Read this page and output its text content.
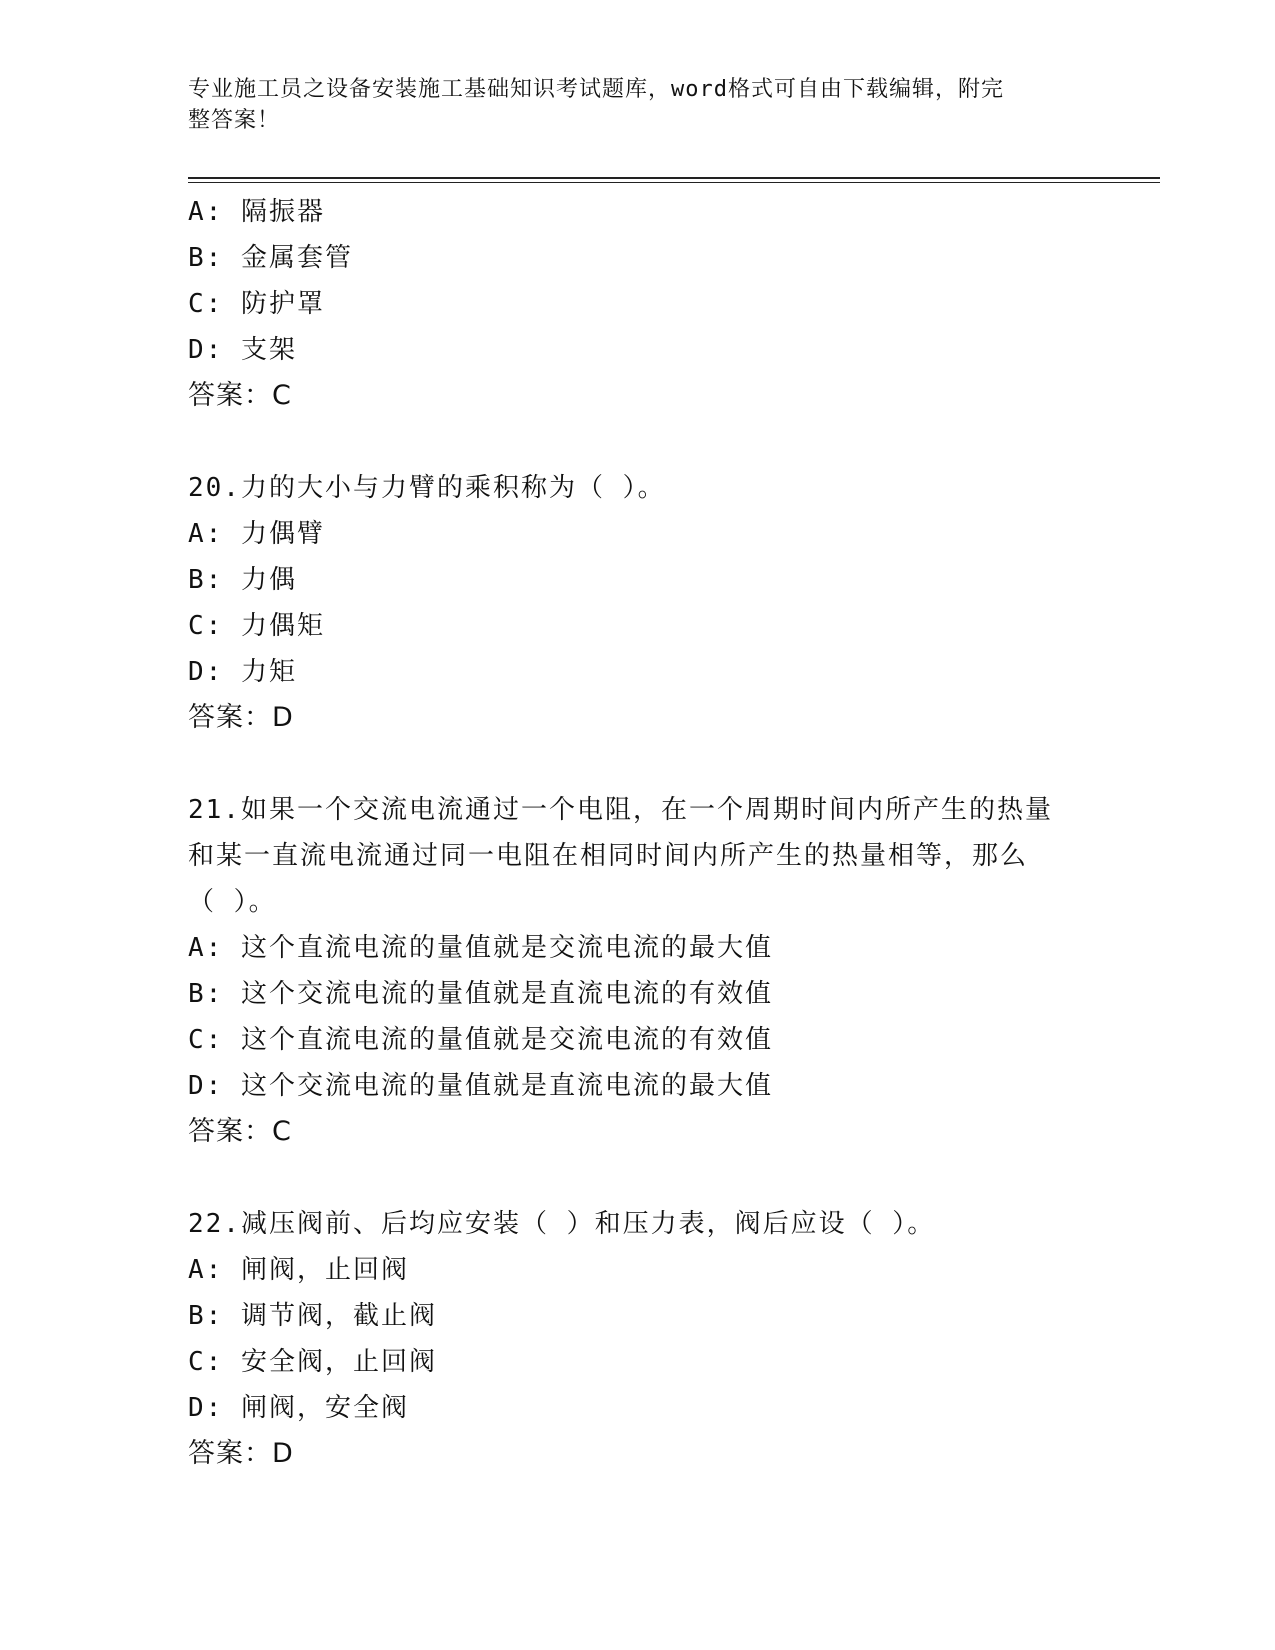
专业施工员之设备安装施工基础知识考试题库，word格式可自由下载编辑，附完
整答案！
A: 隔振器
B: 金属套管
C: 防护罩
D: 支架
答案：C
20.力的大小与力臂的乘积称为（ ）。
A: 力偶臂
B: 力偶
C: 力偶矩
D: 力矩
答案：D
21.如果一个交流电流通过一个电阻，在一个周期时间内所产生的热量
和某一直流电流通过同一电阻在相同时间内所产生的热量相等，那么
（ ）。
A: 这个直流电流的量值就是交流电流的最大值
B: 这个交流电流的量值就是直流电流的有效值
C: 这个直流电流的量值就是交流电流的有效值
D: 这个交流电流的量值就是直流电流的最大值
答案：C
22.减压阀前、后均应安装（ ）和压力表，阀后应设（ ）。
A: 闸阀，止回阀
B: 调节阀，截止阀
C: 安全阀，止回阀
D: 闸阀，安全阀
答案：D
